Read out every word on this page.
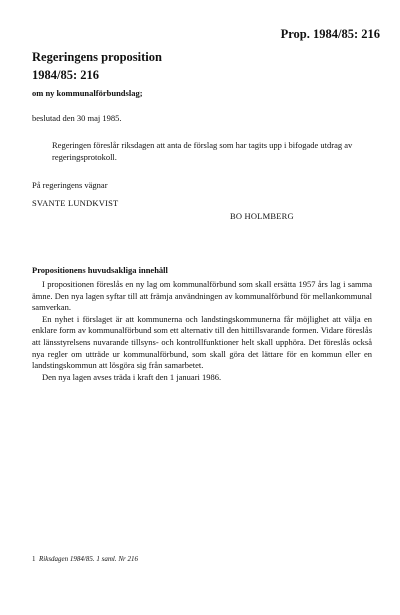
Prop. 1984/85: 216
Regeringens proposition
1984/85: 216
om ny kommunalförbundslag;
beslutad den 30 maj 1985.
Regeringen föreslår riksdagen att anta de förslag som har tagits upp i bifogade utdrag av regeringsprotokoll.
På regeringens vägnar
SVANTE LUNDKVIST
BO HOLMBERG
Propositionens huvudsakliga innehåll

I propositionen föreslås en ny lag om kommunalförbund som skall ersätta 1957 års lag i samma ämne. Den nya lagen syftar till att främja användningen av kommunalförbund för mellankommunal samverkan.

En nyhet i förslaget är att kommunerna och landstingskommunerna får möjlighet att välja en enklare form av kommunalförbund som ett alternativ till den hittillsvarande formen. Vidare föreslås att länsstyrelsens nuvarande tillsyns- och kontrollfunktioner helt skall upphöra. Det föreslås också nya regler om utträde ur kommunalförbund, som skall göra det lättare för en kommun eller en landstingskommun att lösgöra sig från samarbetet.

Den nya lagen avses träda i kraft den 1 januari 1986.

1 Riksdagen 1984/85. 1 saml. Nr 216
